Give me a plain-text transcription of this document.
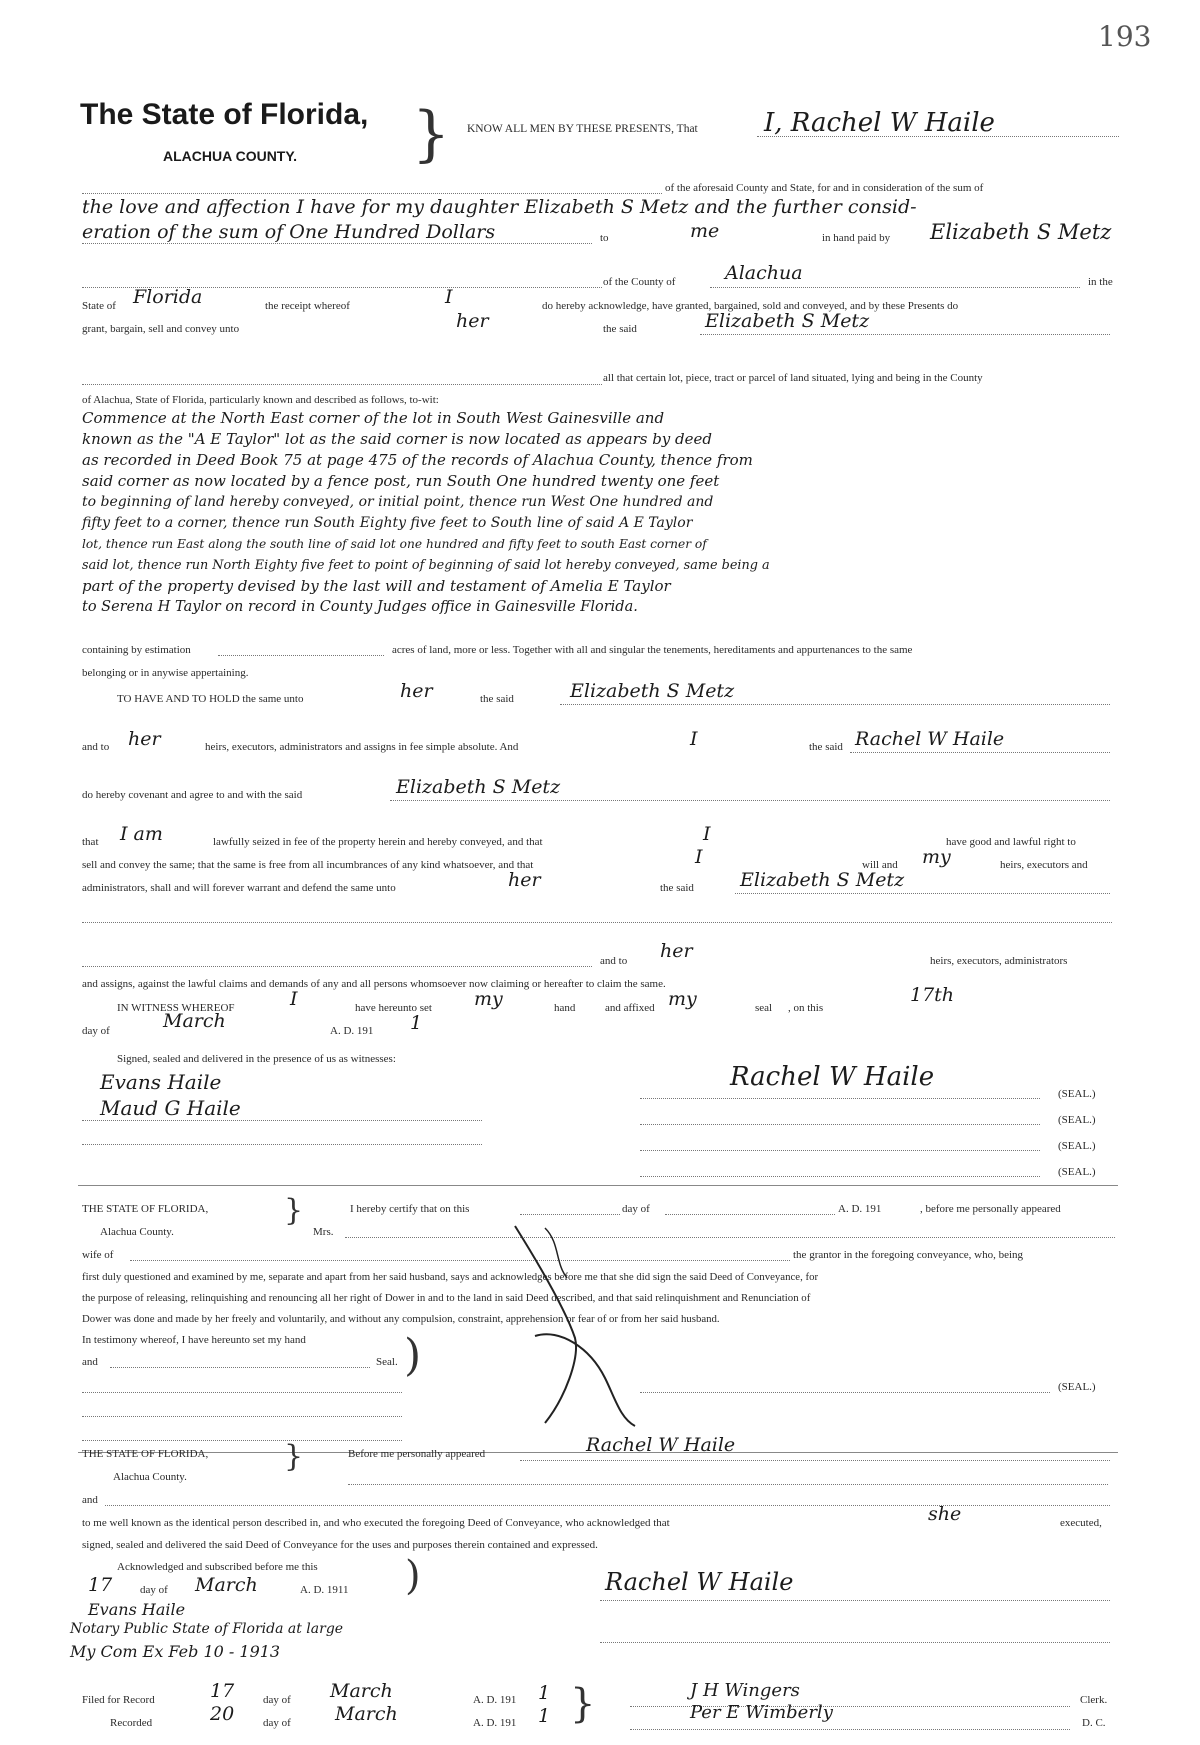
193
The State of Florida,
ALACHUA COUNTY. } KNOW ALL MEN BY THESE PRESENTS, That	I, Rachel W Haile
of the aforesaid County and State, for and in consideration of the sum of
the love and affection I have for my daughter Elizabeth S Metz and the further consid-
eration of the sum of One Hundred Dollars	to	me	in hand paid by Elizabeth S Metz
of the County of	Alachua	in the
State of Florida	the receipt whereof	I	do hereby acknowledge, have granted, bargained, sold and conveyed, and by these Presents do
grant, bargain, sell and convey unto	her	the said	Elizabeth S Metz
all that certain lot, piece, tract or parcel of land situated, lying and being in the County
of Alachua, State of Florida, particularly known and described as follows, to-wit:
Commence at the North East corner of the lot in South West Gainesville and
known as the "A E Taylor" lot as the said corner is now located as appears by deed
as recorded in Deed Book 75 at page 475 of the records of Alachua County, thence from
said corner as now located by a fence post, run South One hundred twenty one feet
to beginning of land hereby conveyed, or initial point, thence run West One hundred and
fifty feet to a corner, thence run South Eighty five feet to South line of said A E Taylor
lot, thence run East along the south line of said lot one hundred and fifty feet to south East corner of
said lot, thence run North Eighty five feet to point of beginning of said lot hereby conveyed, same being a
part of the property devised by the last will and testament of Amelia E Taylor
to Serena H Taylor on record in County Judges office in Gainesville Florida.
containing by estimation	acres of land, more or less. Together with all and singular the tenements, hereditaments and appurtenances to the same
belonging or in anywise appertaining.
TO HAVE AND TO HOLD the same unto	her	the said	Elizabeth S Metz
and to her	heirs, executors, administrators and assigns in fee simple absolute. And	I	the said Rachel W Haile
do hereby covenant and agree to and with the said	Elizabeth S Metz
that I am	lawfully seized in fee of the property herein and hereby conveyed, and that	I	have good and lawful right to
sell and convey the same; that the same is free from all incumbrances of any kind whatsoever, and that	I	will and my	heirs, executors and
administrators, shall and will forever warrant and defend the same unto	her	the said Elizabeth S Metz
and to her	heirs, executors, administrators
and assigns, against the lawful claims and demands of any and all persons whomsoever now claiming or hereafter to claim the same.
IN WITNESS WHEREOF	I	have hereunto set my	hand	and affixed my	seal , on this
17th
day of	March	A. D. 191 1
Signed, sealed and delivered in the presence of us as witnesses:
Evans Haile
Maud G Haile
Rachel W Haile
(SEAL.)
(SEAL.)
(SEAL.)
(SEAL.)
THE STATE OF FLORIDA,
Alachua County.
}	I hereby certify that on this	day of	A. D. 191	, before me personally appeared
Mrs.
wife of	the grantor in the foregoing conveyance, who, being
first duly questioned and examined by me, separate and apart from her said husband, says and acknowledges before me that she did sign the said Deed of Conveyance, for
the purpose of releasing, relinquishing and renouncing all her right of Dower in and to the land in said Deed described, and that said relinquishment and Renunciation of
Dower was done and made by her freely and voluntarily, and without any compulsion, constraint, apprehension or fear of or from her said husband.
In testimony whereof, I have hereunto set my hand
and	Seal. )
(SEAL.)
THE STATE OF FLORIDA,
Alachua County.
}	Before me personally appeared	Rachel W Haile
and
to me well known as the identical person described in, and who executed the foregoing Deed of Conveyance, who acknowledged that	she	executed,
signed, sealed and delivered the said Deed of Conveyance for the uses and purposes therein contained and expressed.
Acknowledged and subscribed before me this
17	day of March	A. D. 1911 )
Evans Haile
Notary Public State of Florida at large
My Com Ex Feb 10 - 1913
Rachel W Haile
Filed for Record	17	day of March	A. D. 191 1
Recorded	20	day of March	A. D. 191 1 }	J H Wingers	Clerk.
Per E Wimberly	D. C.
